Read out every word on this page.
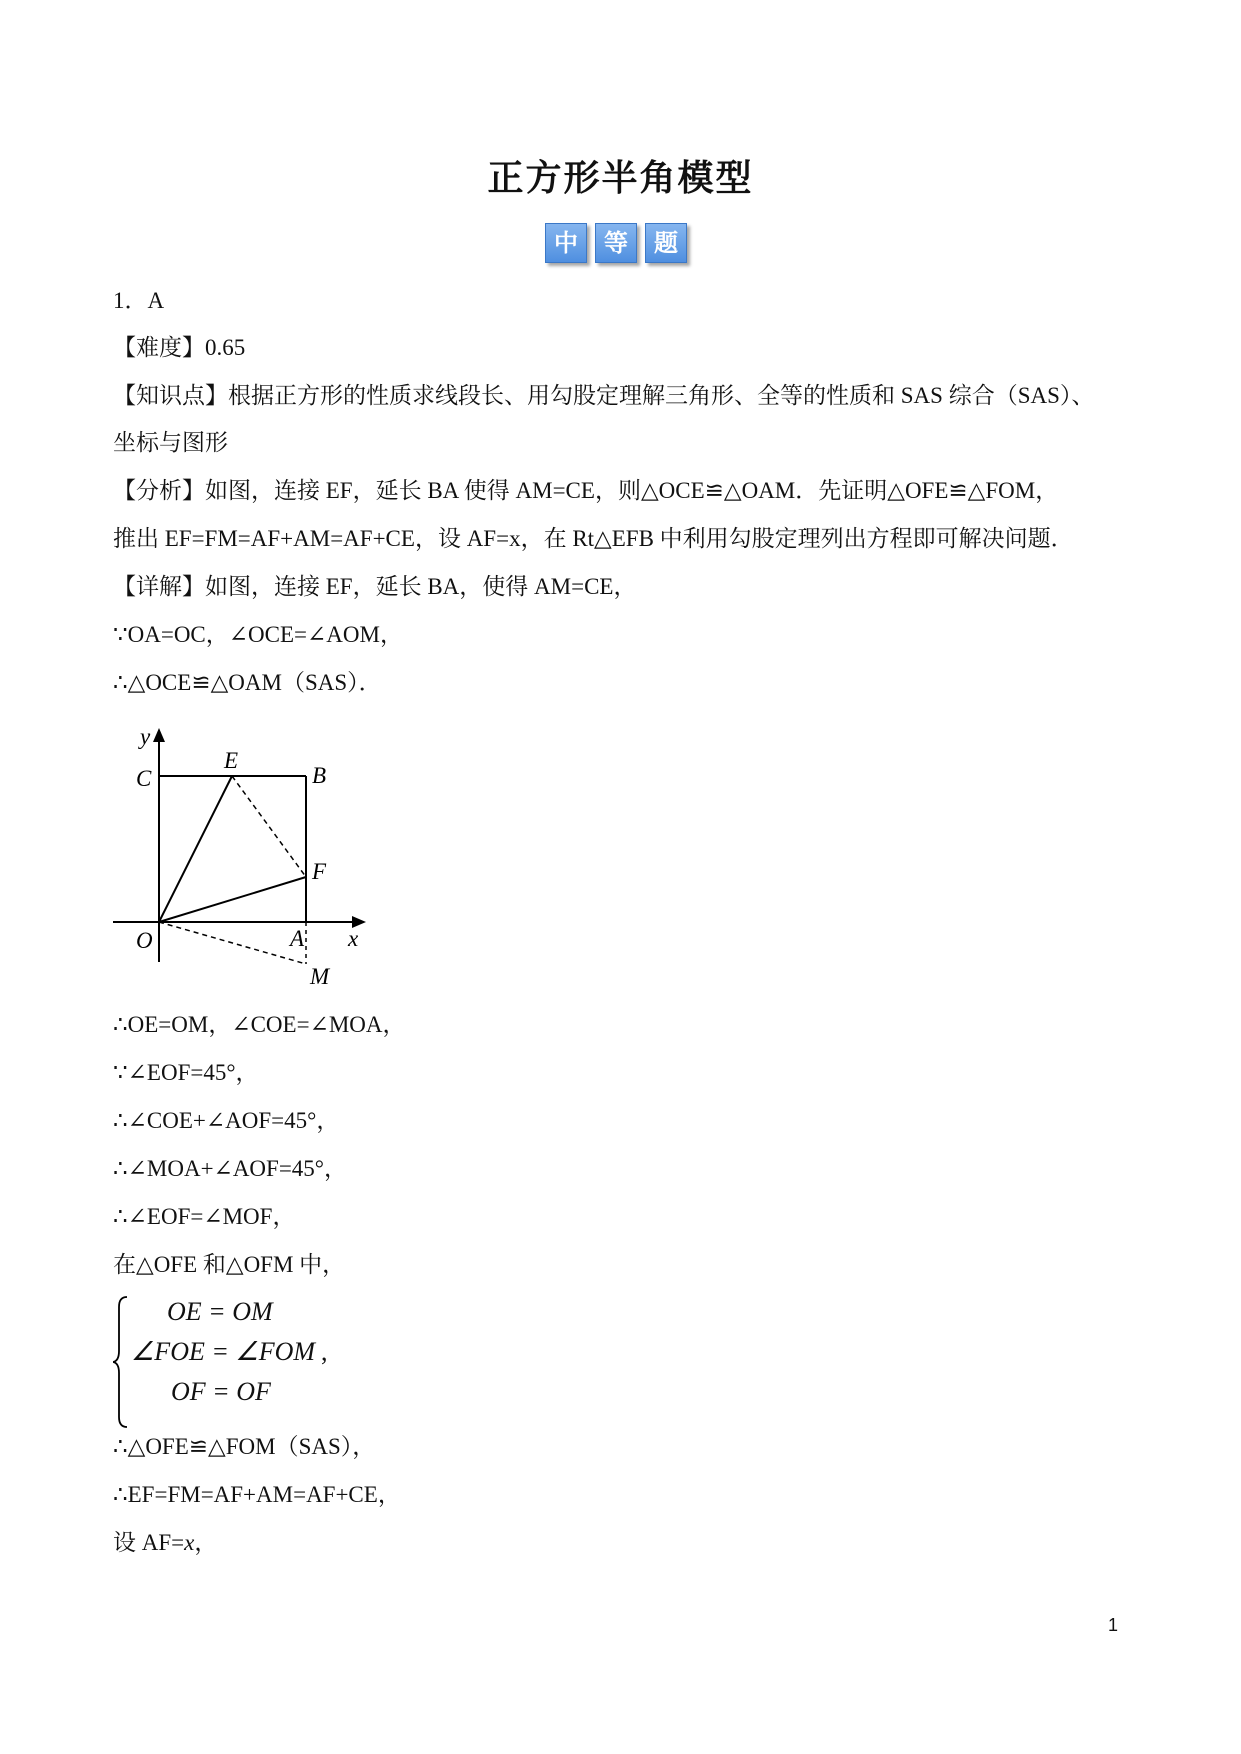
正方形半角模型
中	等	题
1．A
【难度】0.65
【知识点】根据正方形的性质求线段长、用勾股定理解三角形、全等的性质和 SAS 综合（SAS）、
坐标与图形
【分析】如图，连接 EF，延长 BA 使得 AM=CE，则△OCE≌△OAM．先证明△OFE≌△FOM，
推出 EF=FM=AF+AM=AF+CE，设 AF=x，在 Rt△EFB 中利用勾股定理列出方程即可解决问题．
【详解】如图，连接 EF，延长 BA，使得 AM=CE，
∵OA=OC，∠OCE=∠AOM，
∴△OCE≌△OAM（SAS）．
y
x
C
E
B
F
O	A
M
∴OE=OM，∠COE=∠MOA，
∵∠EOF=45°，
∴∠COE+∠AOF=45°，
∴∠MOA+∠AOF=45°，
∴∠EOF=∠MOF，
在△OFE 和△OFM 中，
OE = OM
∠FOE = ∠FOM ,
OF = OF
∴△OFE≌△FOM（SAS），
∴EF=FM=AF+AM=AF+CE，
设 AF=x，
1
